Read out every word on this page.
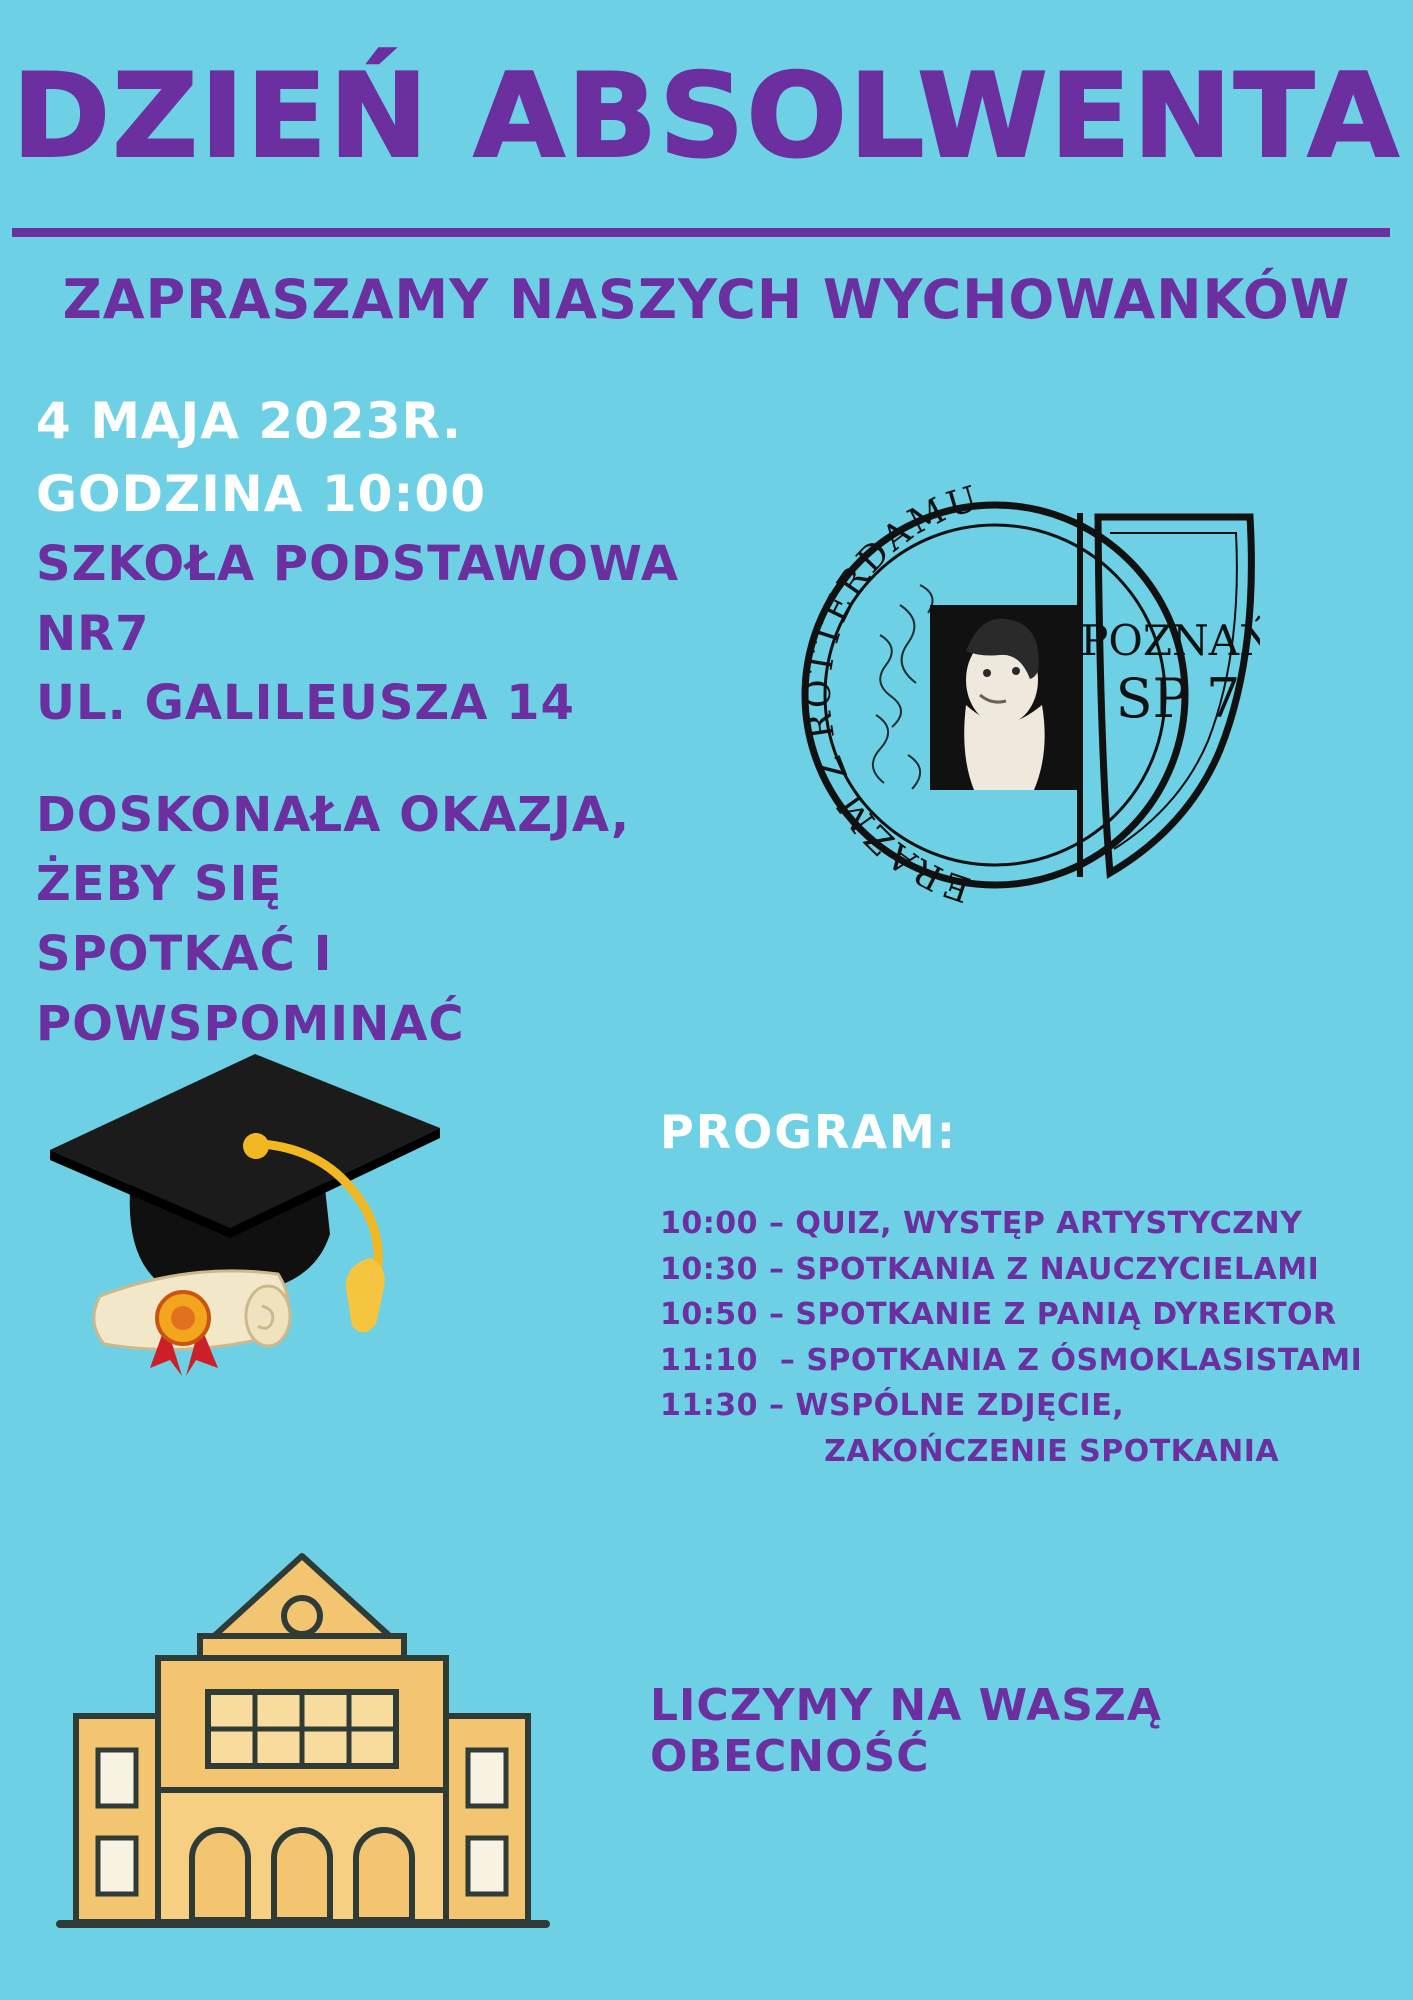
DZIEŃ ABSOLWENTA
ZAPRASZAMY NASZYCH WYCHOWANKÓW
4 MAJA 2023R.
GODZINA 10:00
SZKOŁA PODSTAWOWA NR7
UL. GALILEUSZA 14
DOSKONAŁA OKAZJA, ŻEBY SIĘ
SPOTKAĆ I POWSPOMINAĆ
ERAZM Z ROTTERDAMU
POZNAŃ
SP 7
PROGRAM:
10:00 – QUIZ, WYSTĘP ARTYSTYCZNY
10:30 – SPOTKANIA Z NAUCZYCIELAMI
10:50 – SPOTKANIE Z PANIĄ DYREKTOR
11:10  – SPOTKANIA Z ÓSMOKLASISTAMI
11:30 – WSPÓLNE ZDJĘCIE,
ZAKOŃCZENIE SPOTKANIA
LICZYMY NA WASZĄ OBECNOŚĆ
